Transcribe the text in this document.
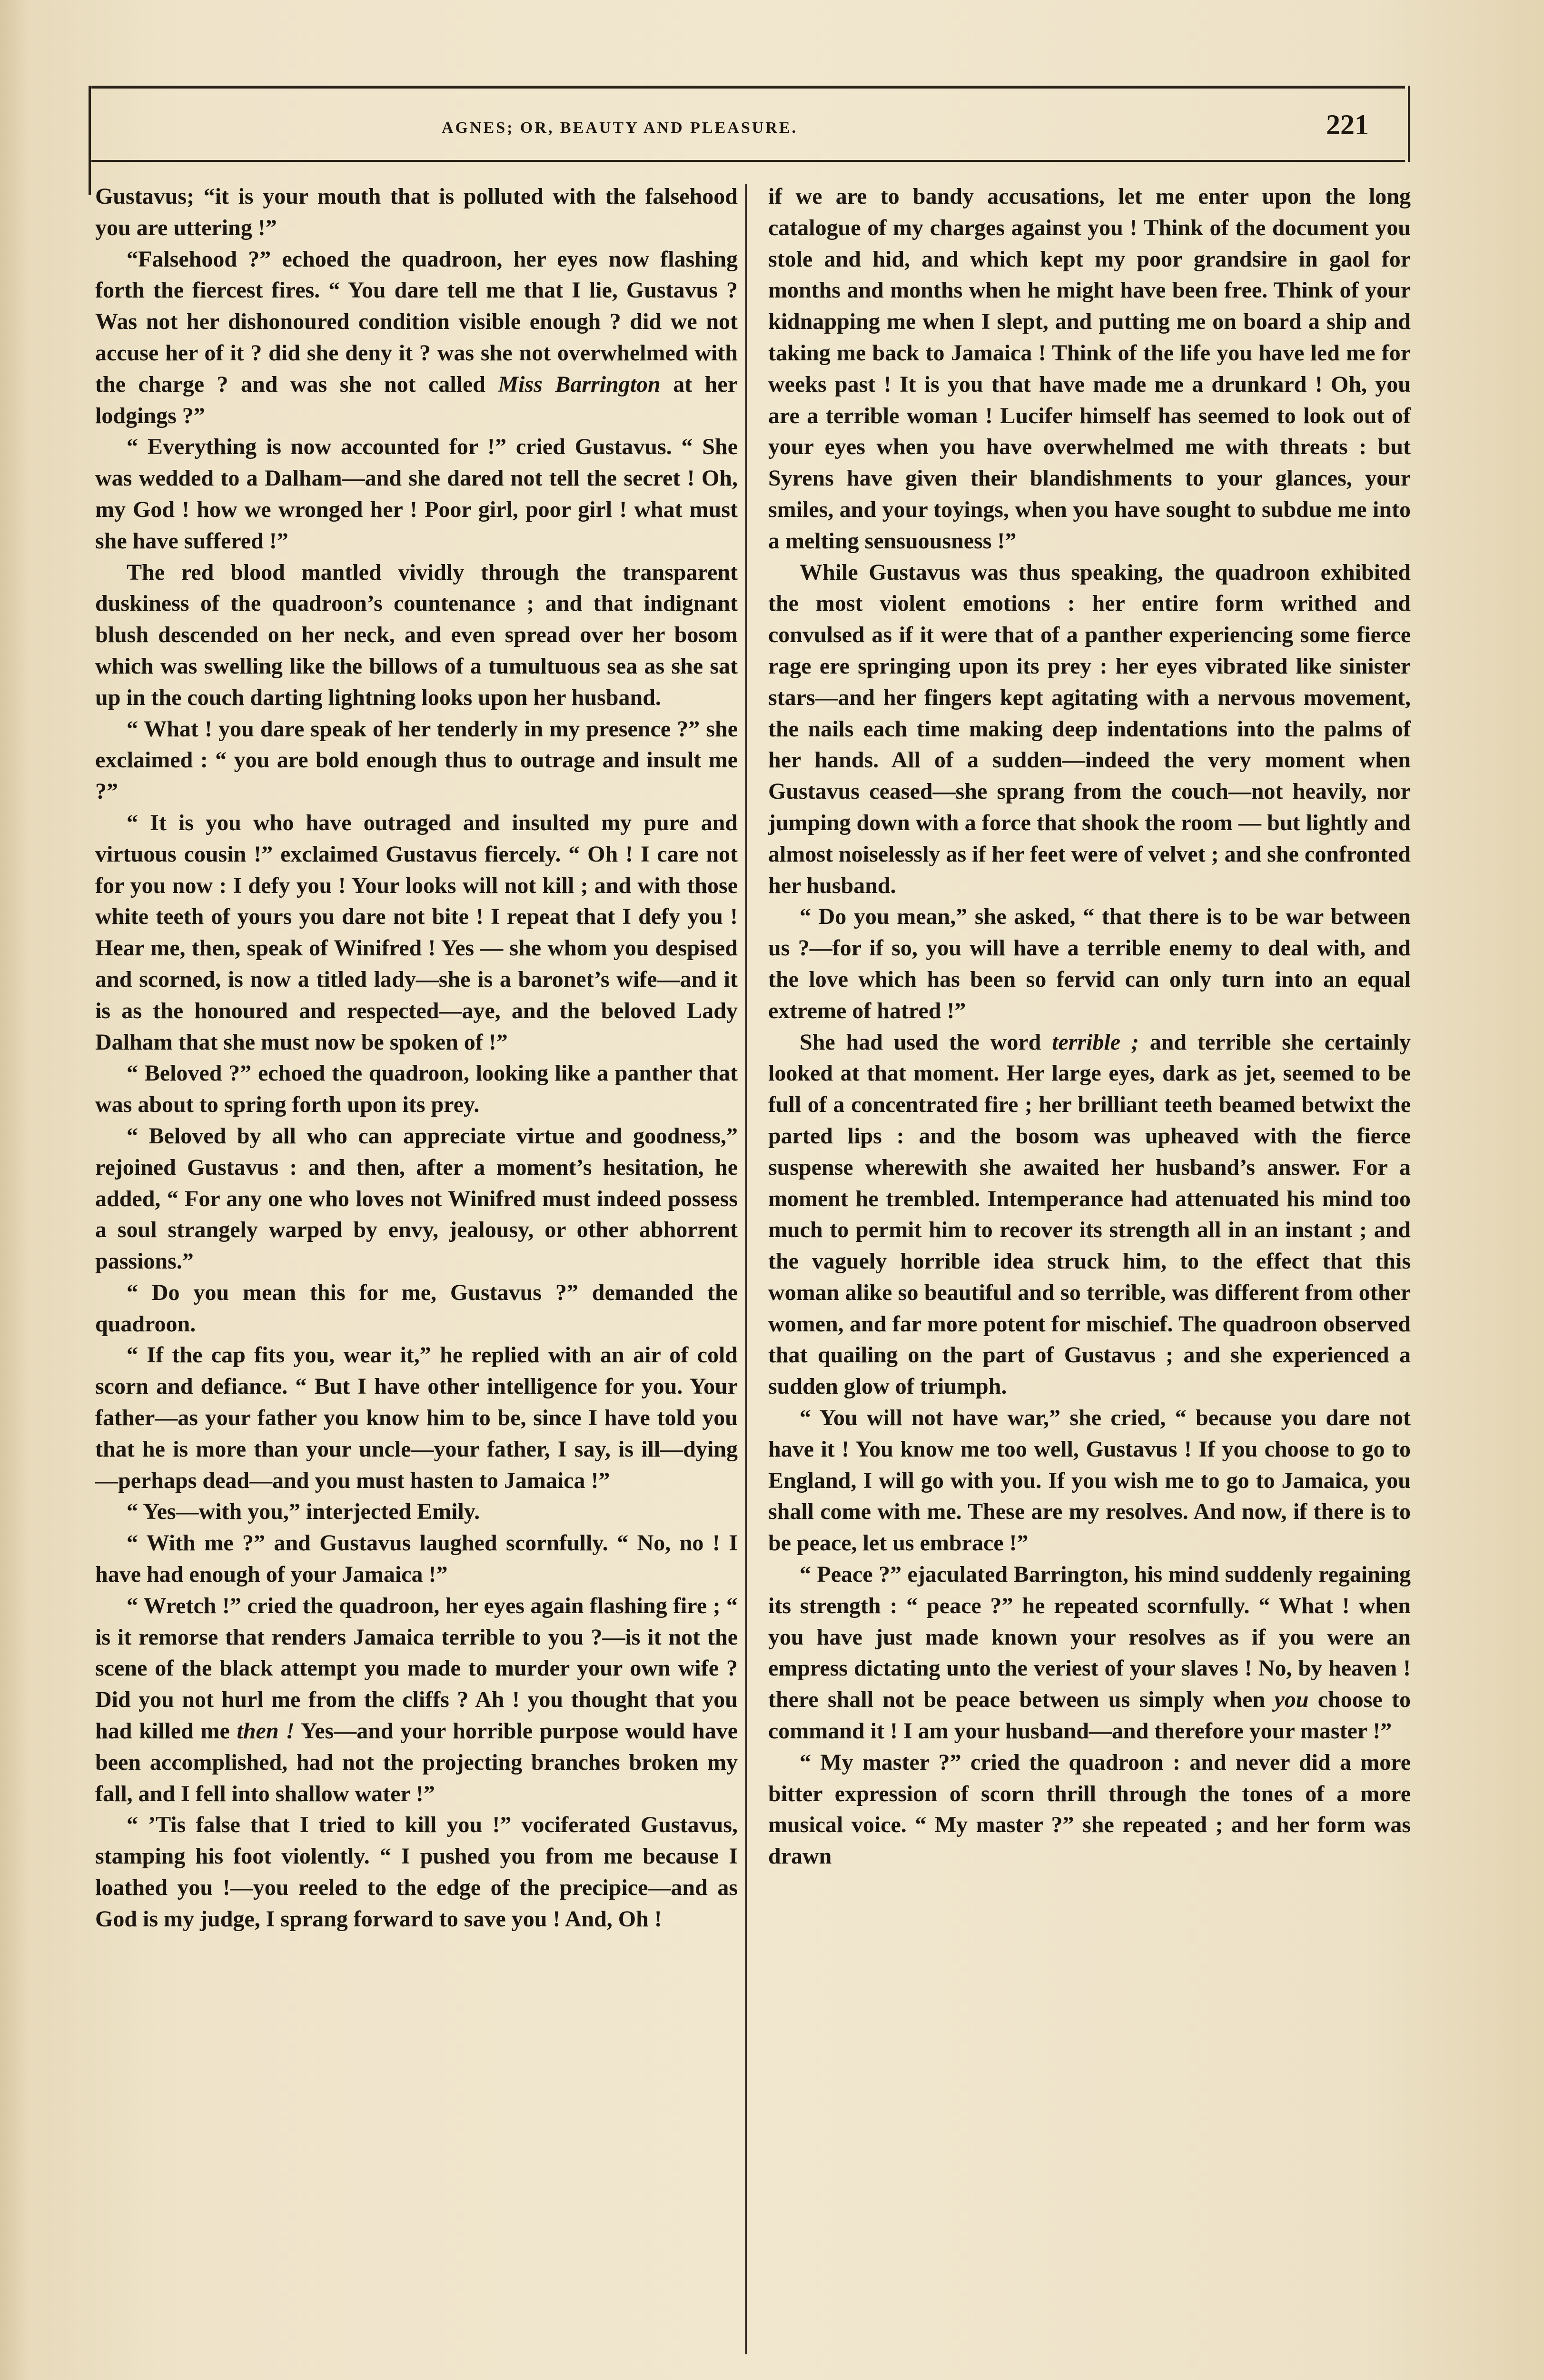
AGNES; OR, BEAUTY AND PLEASURE.	221

Gustavus; “it is your mouth that is polluted with the falsehood you are uttering !”

“Falsehood ?” echoed the quadroon, her eyes now flashing forth the fiercest fires. “ You dare tell me that I lie, Gustavus ? Was not her dishonoured condition visible enough ? did we not accuse her of it ? did she deny it ? was she not overwhelmed with the charge ? and was she not called Miss Barrington at her lodgings ?”

“ Everything is now accounted for !” cried Gustavus. “ She was wedded to a Dalham—and she dared not tell the secret ! Oh, my God ! how we wronged her ! Poor girl, poor girl ! what must she have suffered !”

The red blood mantled vividly through the transparent duskiness of the quadroon’s countenance ; and that indignant blush descended on her neck, and even spread over her bosom which was swelling like the billows of a tumultuous sea as she sat up in the couch darting lightning looks upon her husband.

“ What ! you dare speak of her tenderly in my presence ?” she exclaimed : “ you are bold enough thus to outrage and insult me ?”

“ It is you who have outraged and insulted my pure and virtuous cousin !” exclaimed Gustavus fiercely. “ Oh ! I care not for you now : I defy you ! Your looks will not kill ; and with those white teeth of yours you dare not bite ! I repeat that I defy you ! Hear me, then, speak of Winifred ! Yes — she whom you despised and scorned, is now a titled lady—she is a baronet’s wife—and it is as the honoured and respected—aye, and the beloved Lady Dalham that she must now be spoken of !”

“ Beloved ?” echoed the quadroon, looking like a panther that was about to spring forth upon its prey.

“ Beloved by all who can appreciate virtue and goodness,” rejoined Gustavus : and then, after a moment’s hesitation, he added, “ For any one who loves not Winifred must indeed possess a soul strangely warped by envy, jealousy, or other abhorrent passions.”

“ Do you mean this for me, Gustavus ?” demanded the quadroon.

“ If the cap fits you, wear it,” he replied with an air of cold scorn and defiance. “ But I have other intelligence for you. Your father—as your father you know him to be, since I have told you that he is more than your uncle—your father, I say, is ill—dying—perhaps dead—and you must hasten to Jamaica !”

“ Yes—with you,” interjected Emily.

“ With me ?” and Gustavus laughed scornfully. “ No, no ! I have had enough of your Jamaica !”

“ Wretch !” cried the quadroon, her eyes again flashing fire ; “ is it remorse that renders Jamaica terrible to you ?—is it not the scene of the black attempt you made to murder your own wife ? Did you not hurl me from the cliffs ? Ah ! you thought that you had killed me then ! Yes—and your horrible purpose would have been accomplished, had not the projecting branches broken my fall, and I fell into shallow water !”

“ ’Tis false that I tried to kill you !” vociferated Gustavus, stamping his foot violently. “ I pushed you from me because I loathed you !—you reeled to the edge of the precipice—and as God is my judge, I sprang forward to save you ! And, Oh !

if we are to bandy accusations, let me enter upon the long catalogue of my charges against you ! Think of the document you stole and hid, and which kept my poor grandsire in gaol for months and months when he might have been free. Think of your kidnapping me when I slept, and putting me on board a ship and taking me back to Jamaica ! Think of the life you have led me for weeks past ! It is you that have made me a drunkard ! Oh, you are a terrible woman ! Lucifer himself has seemed to look out of your eyes when you have overwhelmed me with threats : but Syrens have given their blandishments to your glances, your smiles, and your toyings, when you have sought to subdue me into a melting sensuousness !”

While Gustavus was thus speaking, the quadroon exhibited the most violent emotions : her entire form writhed and convulsed as if it were that of a panther experiencing some fierce rage ere springing upon its prey : her eyes vibrated like sinister stars—and her fingers kept agitating with a nervous movement, the nails each time making deep indentations into the palms of her hands. All of a sudden—indeed the very moment when Gustavus ceased—she sprang from the couch—not heavily, nor jumping down with a force that shook the room — but lightly and almost noiselessly as if her feet were of velvet ; and she confronted her husband.

“ Do you mean,” she asked, “ that there is to be war between us ?—for if so, you will have a terrible enemy to deal with, and the love which has been so fervid can only turn into an equal extreme of hatred !”

She had used the word terrible ; and terrible she certainly looked at that moment. Her large eyes, dark as jet, seemed to be full of a concentrated fire ; her brilliant teeth beamed betwixt the parted lips : and the bosom was upheaved with the fierce suspense wherewith she awaited her husband’s answer. For a moment he trembled. Intemperance had attenuated his mind too much to permit him to recover its strength all in an instant ; and the vaguely horrible idea struck him, to the effect that this woman alike so beautiful and so terrible, was different from other women, and far more potent for mischief. The quadroon observed that quailing on the part of Gustavus ; and she experienced a sudden glow of triumph.

“ You will not have war,” she cried, “ because you dare not have it ! You know me too well, Gustavus ! If you choose to go to England, I will go with you. If you wish me to go to Jamaica, you shall come with me. These are my resolves. And now, if there is to be peace, let us embrace !”

“ Peace ?” ejaculated Barrington, his mind suddenly regaining its strength : “ peace ?” he repeated scornfully. “ What ! when you have just made known your resolves as if you were an empress dictating unto the veriest of your slaves ! No, by heaven ! there shall not be peace between us simply when you choose to command it ! I am your husband—and therefore your master !”

“ My master ?” cried the quadroon : and never did a more bitter expression of scorn thrill through the tones of a more musical voice. “ My master ?” she repeated ; and her form was drawn
